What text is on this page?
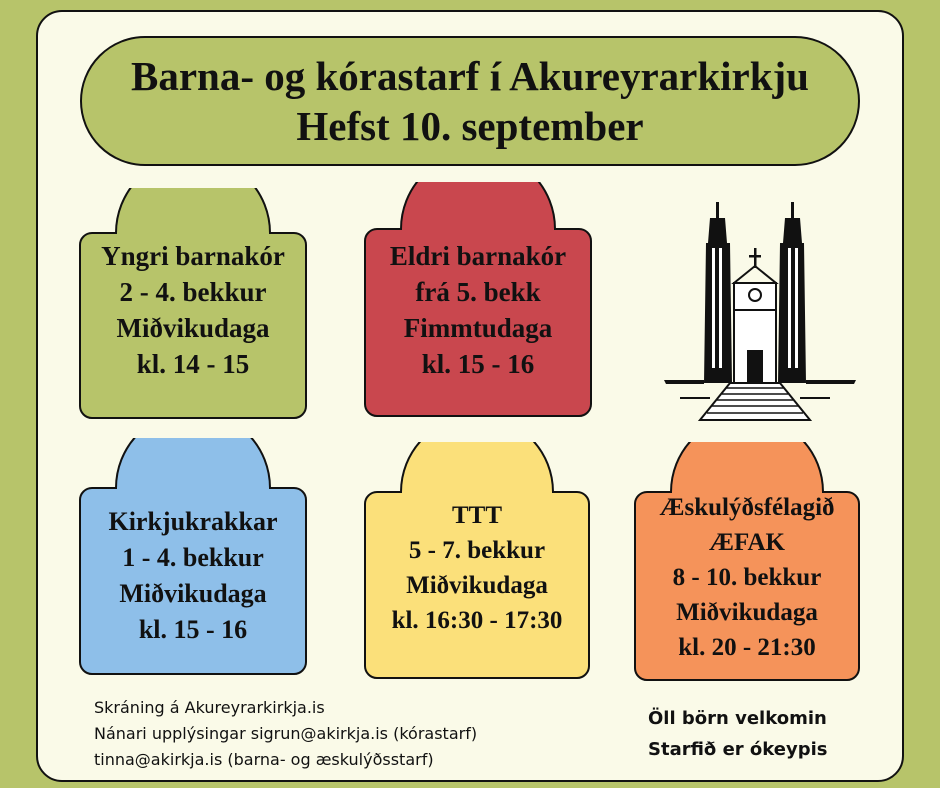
Barna- og kórastarf í Akureyrarkirkju
Hefst 10. september
Yngri barnakór
2 - 4. bekkur
Miðvikudaga
kl. 14 - 15
Eldri barnakór
frá 5. bekk
Fimmtudaga
kl. 15 - 16
Kirkjukrakkar
1 - 4. bekkur
Miðvikudaga
kl. 15 - 16
TTT
5 - 7. bekkur
Miðvikudaga
kl. 16:30 - 17:30
Æskulýðsfélagið
ÆFAK
8 - 10. bekkur
Miðvikudaga
kl. 20 - 21:30
Skráning á Akureyrarkirkja.is
Nánari upplýsingar sigrun@akirkja.is (kórastarf)
tinna@akirkja.is (barna- og æskulýðsstarf)
Öll börn velkomin
Starfið er ókeypis
